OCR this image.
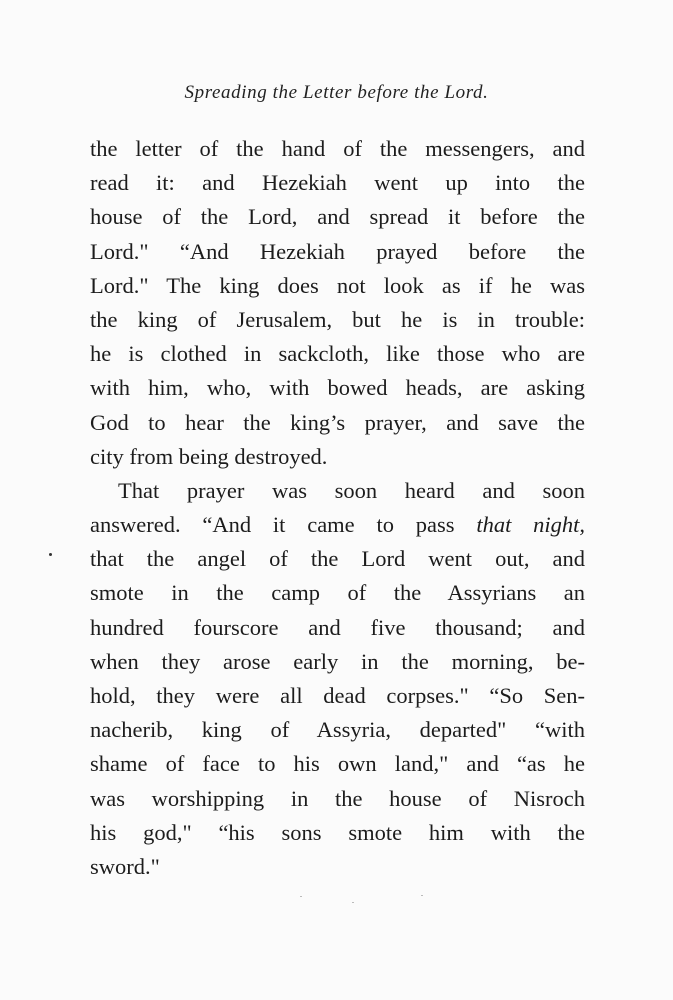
Spreading the Letter before the Lord.
the letter of the hand of the messengers, and
read it: and Hezekiah went up into the
house of the Lord, and spread it before the
Lord." “And Hezekiah prayed before the
Lord." The king does not look as if he was
the king of Jerusalem, but he is in trouble:
he is clothed in sackcloth, like those who are
with him, who, with bowed heads, are asking
God to hear the king’s prayer, and save the
city from being destroyed.
That prayer was soon heard and soon
answered. “And it came to pass that night,
that the angel of the Lord went out, and
smote in the camp of the Assyrians an
hundred fourscore and five thousand; and
when they arose early in the morning, be-
hold, they were all dead corpses." “So Sen-
nacherib, king of Assyria, departed" “with
shame of face to his own land," and “as he
was worshipping in the house of Nisroch
his god," “his sons smote him with the
sword."
